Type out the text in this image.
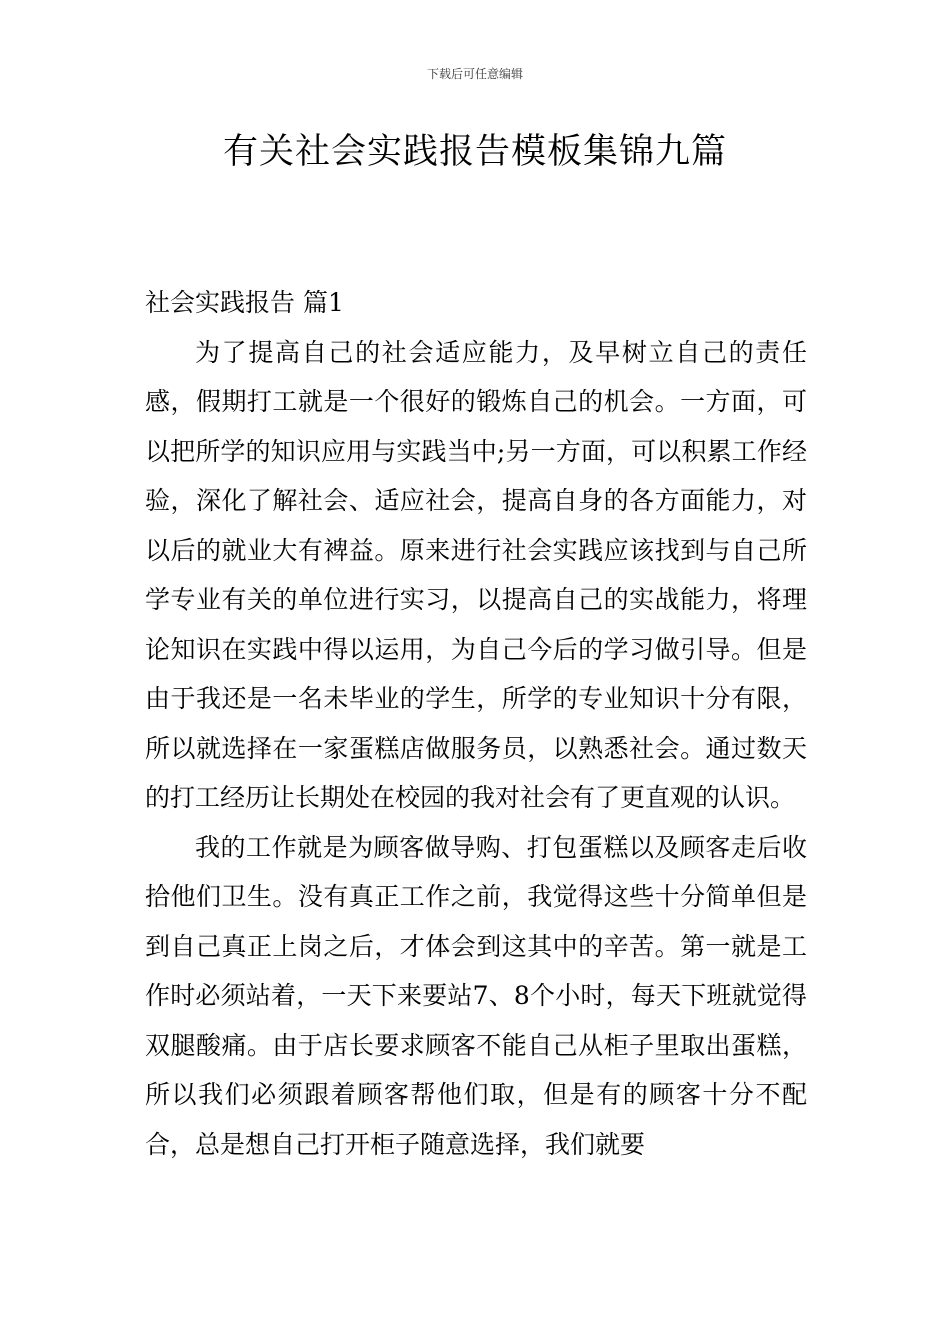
下载后可任意编辑
有关社会实践报告模板集锦九篇

社会实践报告 篇1

为了提高自己的社会适应能力，及早树立自己的责任感，假期打工就是一个很好的锻炼自己的机会。一方面，可以把所学的知识应用与实践当中;另一方面，可以积累工作经验，深化了解社会、适应社会，提高自身的各方面能力，对以后的就业大有裨益。原来进行社会实践应该找到与自己所学专业有关的单位进行实习，以提高自己的实战能力，将理论知识在实践中得以运用，为自己今后的学习做引导。但是由于我还是一名未毕业的学生，所学的专业知识十分有限，所以就选择在一家蛋糕店做服务员，以熟悉社会。通过数天的打工经历让长期处在校园的我对社会有了更直观的认识。

我的工作就是为顾客做导购、打包蛋糕以及顾客走后收拾他们卫生。没有真正工作之前，我觉得这些十分简单但是到自己真正上岗之后，才体会到这其中的辛苦。第一就是工作时必须站着，一天下来要站7、8个小时，每天下班就觉得双腿酸痛。由于店长要求顾客不能自己从柜子里取出蛋糕，所以我们必须跟着顾客帮他们取，但是有的顾客十分不配合，总是想自己打开柜子随意选择，我们就要
